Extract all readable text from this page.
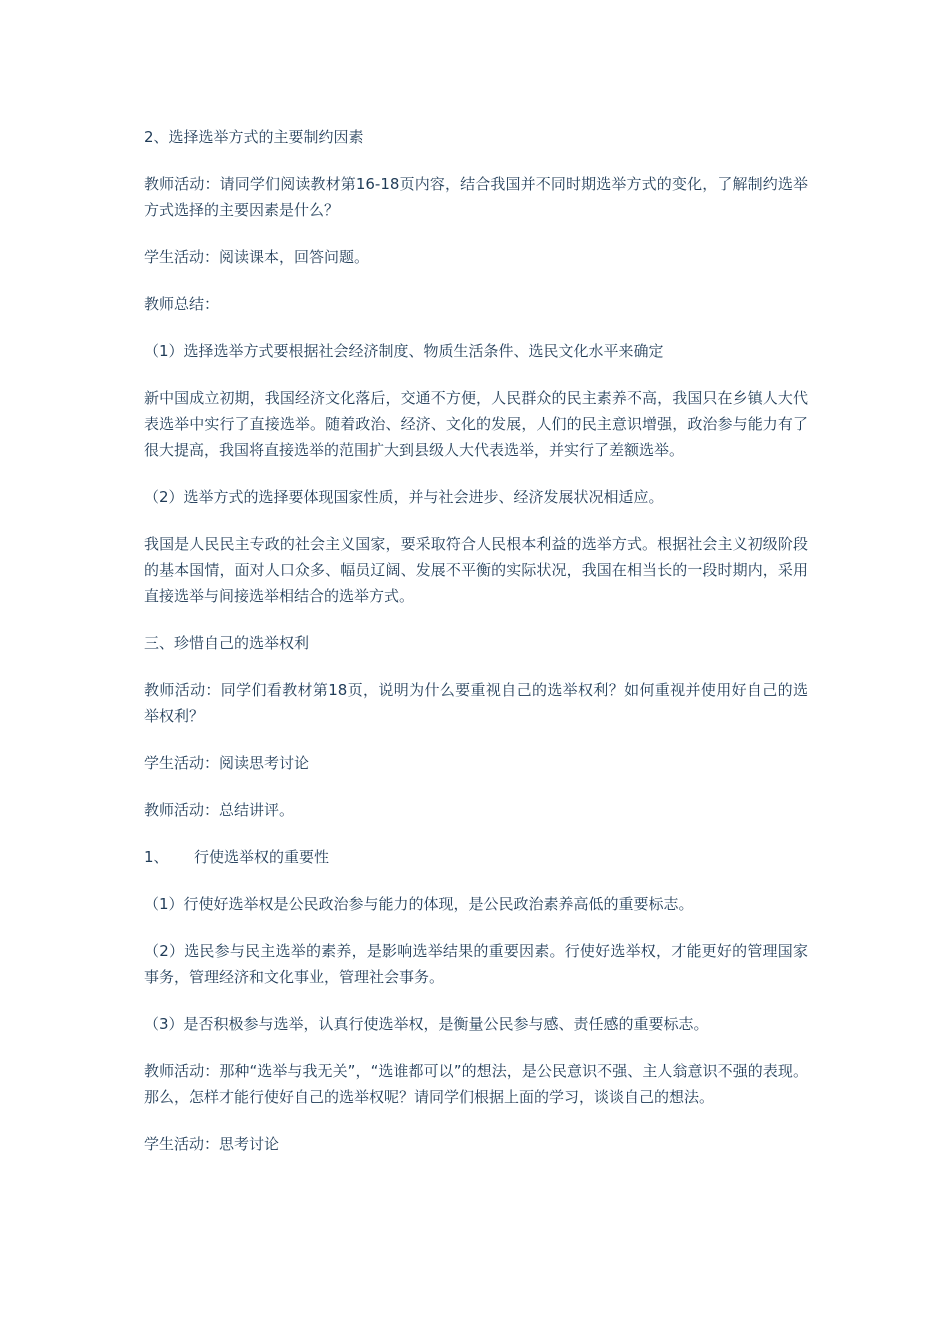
2、选择选举方式的主要制约因素

教师活动：请同学们阅读教材第16-18页内容，结合我国并不同时期选举方式的变化，了解制约选举方式选择的主要因素是什么？

学生活动：阅读课本，回答问题。

教师总结：

（1）选择选举方式要根据社会经济制度、物质生活条件、选民文化水平来确定

新中国成立初期，我国经济文化落后，交通不方便，人民群众的民主素养不高，我国只在乡镇人大代表选举中实行了直接选举。随着政治、经济、文化的发展，人们的民主意识增强，政治参与能力有了很大提高，我国将直接选举的范围扩大到县级人大代表选举，并实行了差额选举。

（2）选举方式的选择要体现国家性质，并与社会进步、经济发展状况相适应。

我国是人民民主专政的社会主义国家，要采取符合人民根本利益的选举方式。根据社会主义初级阶段的基本国情，面对人口众多、幅员辽阔、发展不平衡的实际状况，我国在相当长的一段时期内，采用直接选举与间接选举相结合的选举方式。

三、珍惜自己的选举权利

教师活动：同学们看教材第18页，说明为什么要重视自己的选举权利？如何重视并使用好自己的选举权利？

学生活动：阅读思考讨论

教师活动：总结讲评。

1、 行使选举权的重要性

（1）行使好选举权是公民政治参与能力的体现，是公民政治素养高低的重要标志。

（2）选民参与民主选举的素养，是影响选举结果的重要因素。行使好选举权，才能更好的管理国家事务，管理经济和文化事业，管理社会事务。

（3）是否积极参与选举，认真行使选举权，是衡量公民参与感、责任感的重要标志。

教师活动：那种“选举与我无关”，“选谁都可以”的想法，是公民意识不强、主人翁意识不强的表现。那么，怎样才能行使好自己的选举权呢？请同学们根据上面的学习，谈谈自己的想法。

学生活动：思考讨论
